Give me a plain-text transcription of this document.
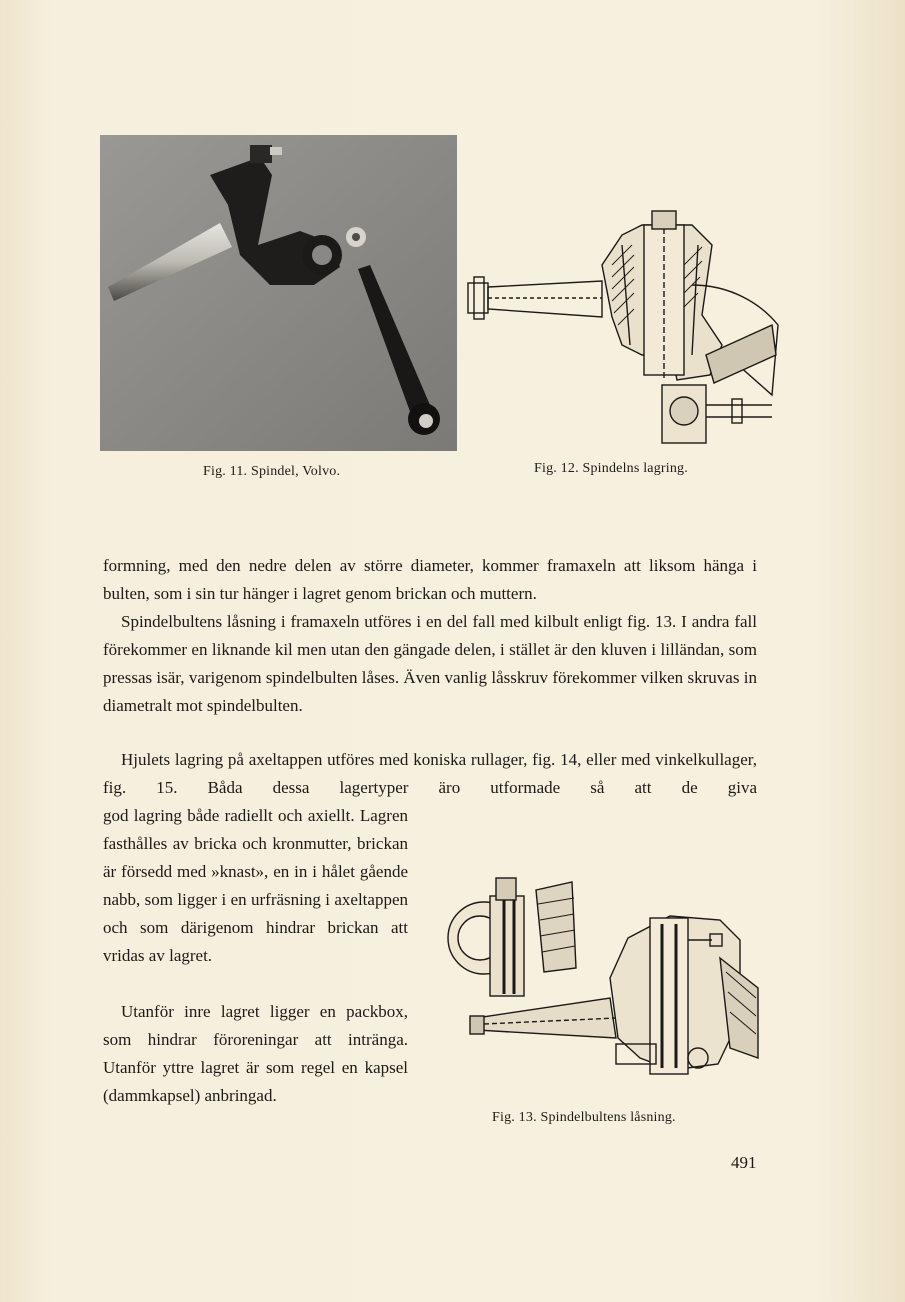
Fig. 11. Spindel, Volvo.	Fig. 12. Spindelns lagring.
formning, med den nedre delen av större diameter, kommer framaxeln att liksom hänga i bulten, som i sin tur hänger i lagret genom brickan och muttern.
Spindelbultens låsning i framaxeln utföres i en del fall med kilbult enligt fig. 13. I andra fall förekommer en liknande kil men utan den gängade delen, i stället är den kluven i lilländan, som pressas isär, varigenom spindelbulten låses. Även vanlig låsskruv förekommer vilken skruvas in diametralt mot spindelbulten.
Hjulets lagring på axeltappen utföres med koniska rullager, fig. 14, eller med vinkelkullager, fig. 15. Båda dessa lagertyper äro utformade så att de giva
god lagring både radiellt och axiellt. Lagren fasthålles av bricka och kronmutter, brickan är försedd med »knast», en in i hålet gående nabb, som ligger i en urfräsning i axeltappen och som därigenom hindrar brickan att vridas av lagret.
Utanför inre lagret ligger en packbox, som hindrar föroreningar att intränga. Utanför yttre lagret är som regel en kapsel (dammkapsel) anbringad.
Fig. 13. Spindelbultens låsning.
491
